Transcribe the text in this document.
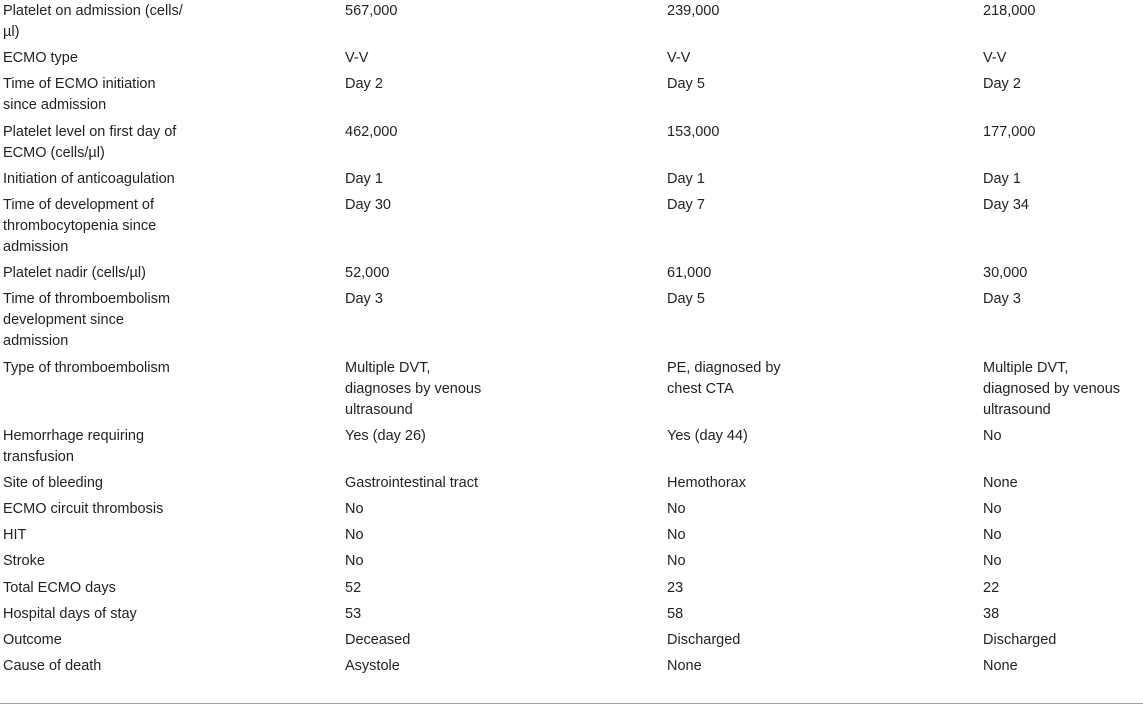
Platelet on admission (cells/µl)	567,000	239,000	218,000
ECMO type	V-V	V-V	V-V
Time of ECMO initiation since admission	Day 2	Day 5	Day 2
Platelet level on first day of ECMO (cells/µl)	462,000	153,000	177,000
Initiation of anticoagulation	Day 1	Day 1	Day 1
Time of development of thrombocytopenia since admission	Day 30	Day 7	Day 34
Platelet nadir (cells/µl)	52,000	61,000	30,000
Time of thromboembolism development since admission	Day 3	Day 5	Day 3
Type of thromboembolism	Multiple DVT, diagnoses by venous ultrasound	PE, diagnosed by chest CTA	Multiple DVT, diagnosed by venous ultrasound
Hemorrhage requiring transfusion	Yes (day 26)	Yes (day 44)	No
Site of bleeding	Gastrointestinal tract	Hemothorax	None
ECMO circuit thrombosis	No	No	No
HIT	No	No	No
Stroke	No	No	No
Total ECMO days	52	23	22
Hospital days of stay	53	58	38
Outcome	Deceased	Discharged	Discharged
Cause of death	Asystole	None	None
